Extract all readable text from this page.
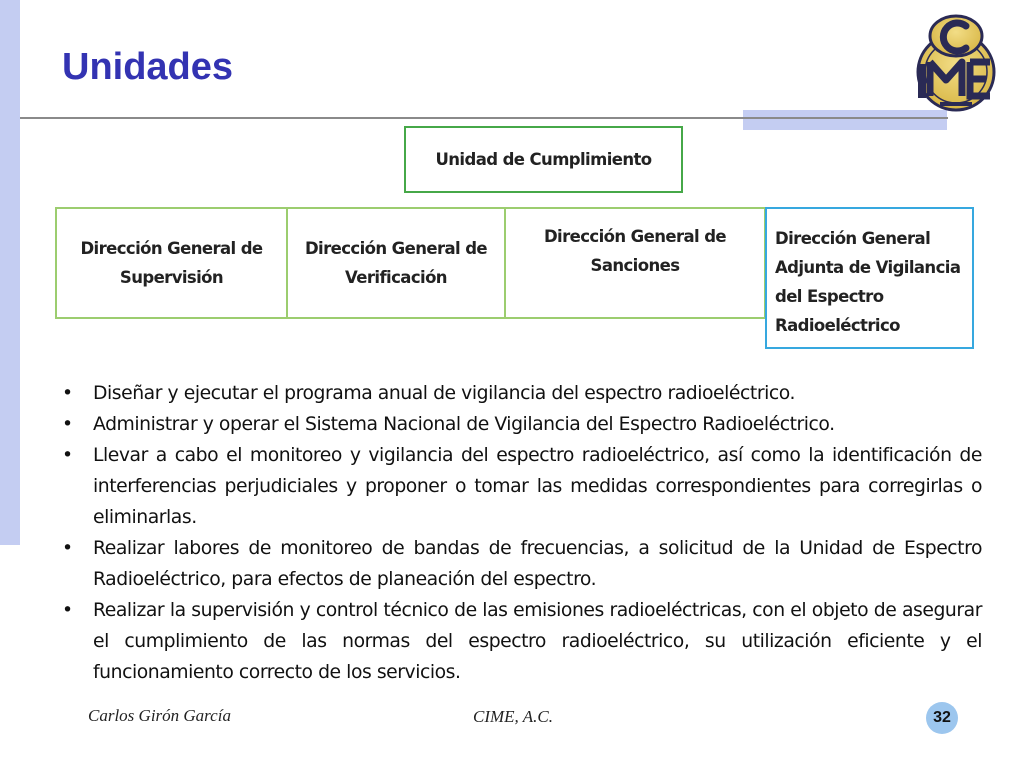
Unidades
Unidad de Cumplimiento
Dirección General de
Supervisión
Dirección General de
Verificación
Dirección General de
Sanciones
Dirección General
Adjunta de Vigilancia
del Espectro
Radioeléctrico
• Diseñar y ejecutar el programa anual de vigilancia del espectro radioeléctrico.
• Administrar y operar el Sistema Nacional de Vigilancia del Espectro Radioeléctrico.
• Llevar a cabo el monitoreo y vigilancia del espectro radioeléctrico, así como la identificación de interferencias perjudiciales y proponer o tomar las medidas correspondientes para corregirlas o eliminarlas.
• Realizar labores de monitoreo de bandas de frecuencias, a solicitud de la Unidad de Espectro Radioeléctrico, para efectos de planeación del espectro.
• Realizar la supervisión y control técnico de las emisiones radioeléctricas, con el objeto de asegurar el cumplimiento de las normas del espectro radioeléctrico, su utilización eficiente y el funcionamiento correcto de los servicios.
Carlos Girón García	CIME, A.C.	32
